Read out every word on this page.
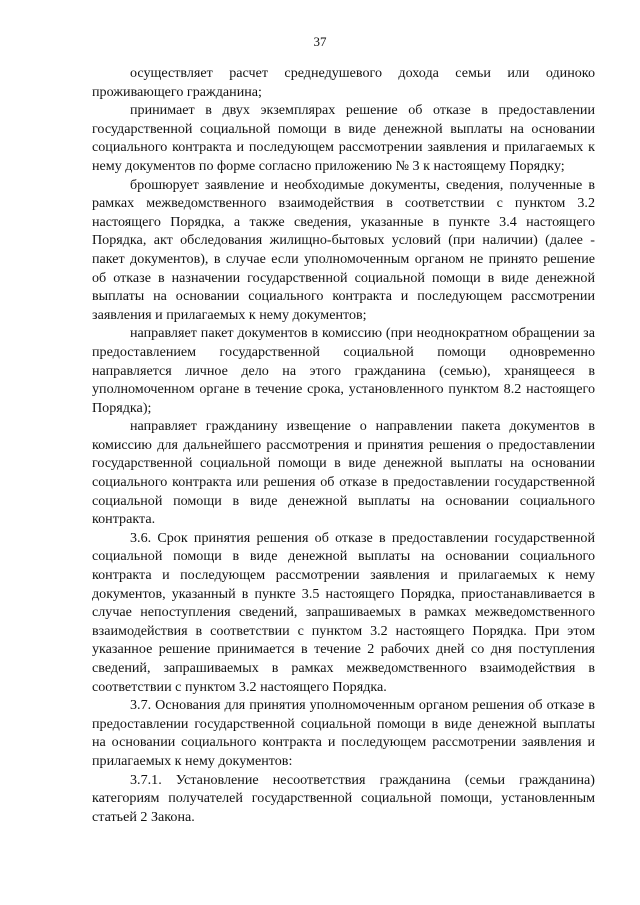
37

осуществляет расчет среднедушевого дохода семьи или одиноко проживающего гражданина;

принимает в двух экземплярах решение об отказе в предоставлении государственной социальной помощи в виде денежной выплаты на основании социального контракта и последующем рассмотрении заявления и прилагаемых к нему документов по форме согласно приложению № 3 к настоящему Порядку;

брошюрует заявление и необходимые документы, сведения, полученные в рамках межведомственного взаимодействия в соответствии с пунктом 3.2 настоящего Порядка, а также сведения, указанные в пункте 3.4 настоящего Порядка, акт обследования жилищно-бытовых условий (при наличии) (далее - пакет документов), в случае если уполномоченным органом не принято решение об отказе в назначении государственной социальной помощи в виде денежной выплаты на основании социального контракта и последующем рассмотрении заявления и прилагаемых к нему документов;

направляет пакет документов в комиссию (при неоднократном обращении за предоставлением государственной социальной помощи одновременно направляется личное дело на этого гражданина (семью), хранящееся в уполномоченном органе в течение срока, установленного пунктом 8.2 настоящего Порядка);

направляет гражданину извещение о направлении пакета документов в комиссию для дальнейшего рассмотрения и принятия решения о предоставлении государственной социальной помощи в виде денежной выплаты на основании социального контракта или решения об отказе в предоставлении государственной социальной помощи в виде денежной выплаты на основании социального контракта.

3.6. Срок принятия решения об отказе в предоставлении государственной социальной помощи в виде денежной выплаты на основании социального контракта и последующем рассмотрении заявления и прилагаемых к нему документов, указанный в пункте 3.5 настоящего Порядка, приостанавливается в случае непоступления сведений, запрашиваемых в рамках межведомственного взаимодействия в соответствии с пунктом 3.2 настоящего Порядка. При этом указанное решение принимается в течение 2 рабочих дней со дня поступления сведений, запрашиваемых в рамках межведомственного взаимодействия в соответствии с пунктом 3.2 настоящего Порядка.

3.7. Основания для принятия уполномоченным органом решения об отказе в предоставлении государственной социальной помощи в виде денежной выплаты на основании социального контракта и последующем рассмотрении заявления и прилагаемых к нему документов:

3.7.1. Установление несоответствия гражданина (семьи гражданина) категориям получателей государственной социальной помощи, установленным статьей 2 Закона.
